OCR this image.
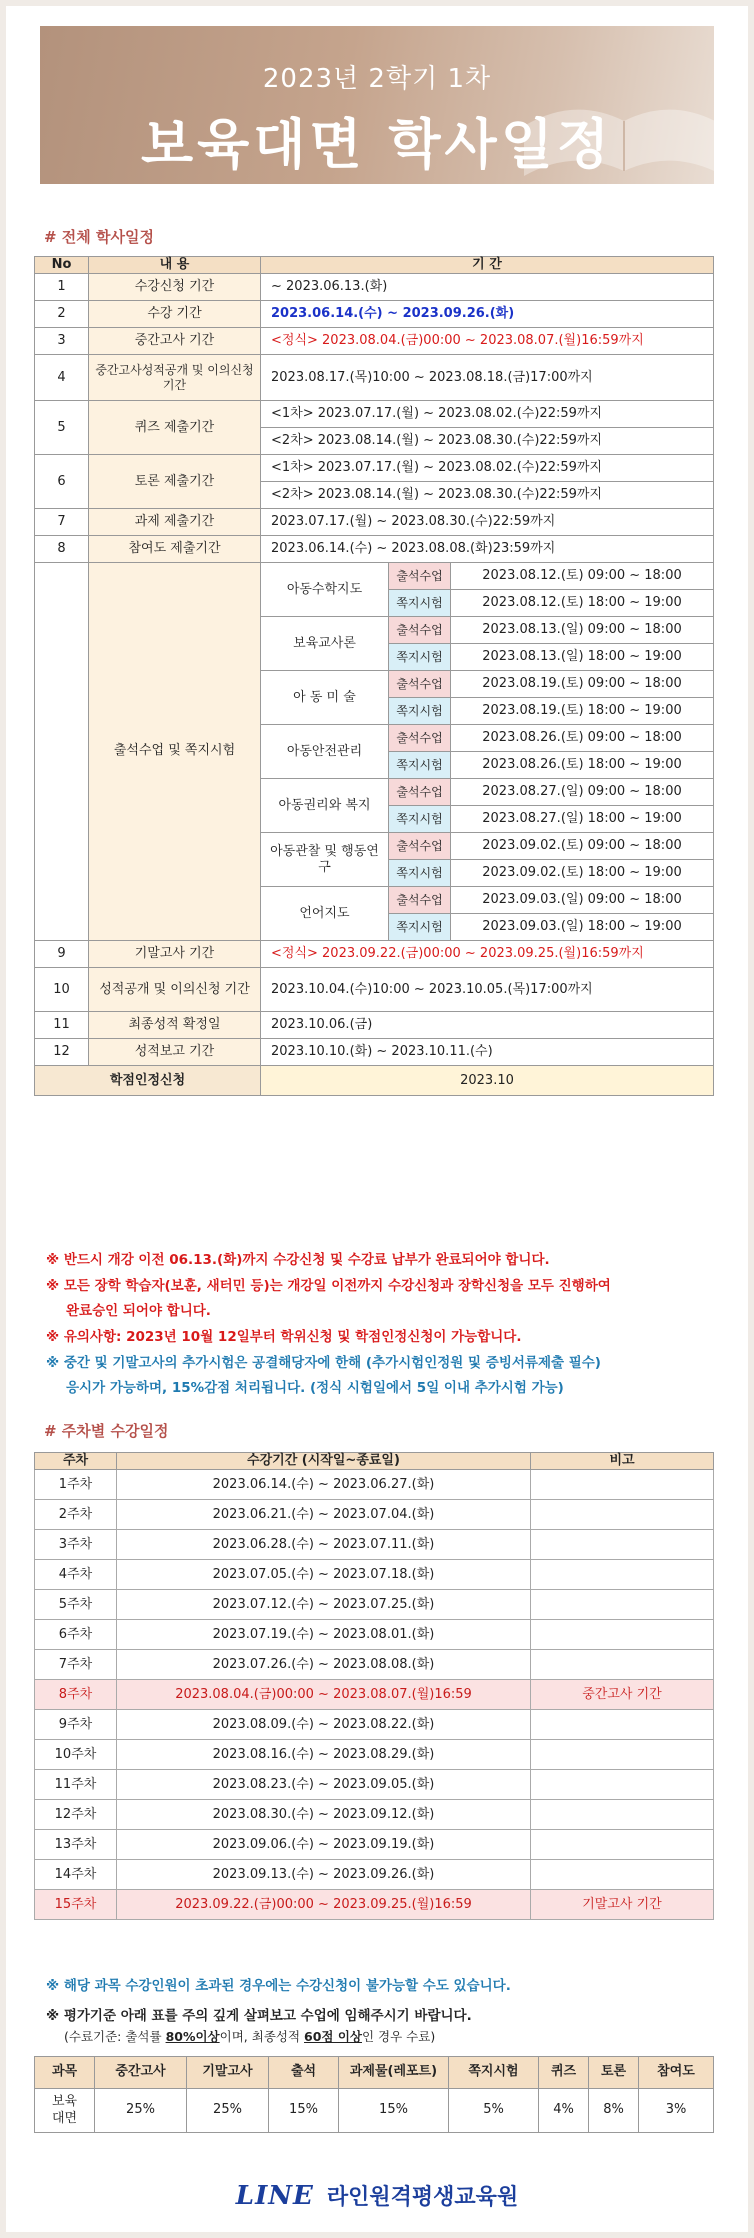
2023년 2학기 1차
보육대면 학사일정
# 전체 학사일정
No	내 용	기 간		
1	수강신청 기간	~ 2023.06.13.(화)		
2	수강 기간	2023.06.14.(수) ~ 2023.09.26.(화)		
3	중간고사 기간	<정식> 2023.08.04.(금)00:00 ~ 2023.08.07.(월)16:59까지		
4	중간고사성적공개 및 이의신청기간	2023.08.17.(목)10:00 ~ 2023.08.18.(금)17:00까지		
5	퀴즈 제출기간	<1차> 2023.07.17.(월) ~ 2023.08.02.(수)22:59까지		
		<2차> 2023.08.14.(월) ~ 2023.08.30.(수)22:59까지		
6	토론 제출기간	<1차> 2023.07.17.(월) ~ 2023.08.02.(수)22:59까지		
		<2차> 2023.08.14.(월) ~ 2023.08.30.(수)22:59까지		
7	과제 제출기간	2023.07.17.(월) ~ 2023.08.30.(수)22:59까지		
8	참여도 제출기간	2023.06.14.(수) ~ 2023.08.08.(화)23:59까지		
	출석수업 및 쪽지시험	아동수학지도	출석수업	2023.08.12.(토) 09:00 ~ 18:00
			쪽지시험	2023.08.12.(토) 18:00 ~ 19:00
		보육교사론	출석수업	2023.08.13.(일) 09:00 ~ 18:00
			쪽지시험	2023.08.13.(일) 18:00 ~ 19:00
		아 동 미 술	출석수업	2023.08.19.(토) 09:00 ~ 18:00
			쪽지시험	2023.08.19.(토) 18:00 ~ 19:00
		아동안전관리	출석수업	2023.08.26.(토) 09:00 ~ 18:00
			쪽지시험	2023.08.26.(토) 18:00 ~ 19:00
		아동권리와 복지	출석수업	2023.08.27.(일) 09:00 ~ 18:00
			쪽지시험	2023.08.27.(일) 18:00 ~ 19:00
		아동관찰 및 행동연구	출석수업	2023.09.02.(토) 09:00 ~ 18:00
			쪽지시험	2023.09.02.(토) 18:00 ~ 19:00
		언어지도	출석수업	2023.09.03.(일) 09:00 ~ 18:00
			쪽지시험	2023.09.03.(일) 18:00 ~ 19:00
9	기말고사 기간	<정식> 2023.09.22.(금)00:00 ~ 2023.09.25.(월)16:59까지		
10	성적공개 및 이의신청 기간	2023.10.04.(수)10:00 ~ 2023.10.05.(목)17:00까지		
11	최종성적 확정일	2023.10.06.(금)		
12	성적보고 기간	2023.10.10.(화) ~ 2023.10.11.(수)		
학점인정신청		2023.10		
※ 반드시 개강 이전 06.13.(화)까지 수강신청 및 수강료 납부가 완료되어야 합니다.
※ 모든 장학 학습자(보훈, 새터민 등)는 개강일 이전까지 수강신청과 장학신청을 모두 진행하여
완료승인 되어야 합니다.
※ 유의사항: 2023년 10월 12일부터 학위신청 및 학점인정신청이 가능합니다.
※ 중간 및 기말고사의 추가시험은 공결해당자에 한해 (추가시험인정원 및 증빙서류제출 필수)
응시가 가능하며, 15%감점 처리됩니다. (정식 시험일에서 5일 이내 추가시험 가능)
# 주차별 수강일정
주차	수강기간 (시작일~종료일)	비고
1주차	2023.06.14.(수) ~ 2023.06.27.(화)	
2주차	2023.06.21.(수) ~ 2023.07.04.(화)	
3주차	2023.06.28.(수) ~ 2023.07.11.(화)	
4주차	2023.07.05.(수) ~ 2023.07.18.(화)	
5주차	2023.07.12.(수) ~ 2023.07.25.(화)	
6주차	2023.07.19.(수) ~ 2023.08.01.(화)	
7주차	2023.07.26.(수) ~ 2023.08.08.(화)	
8주차	2023.08.04.(금)00:00 ~ 2023.08.07.(월)16:59	중간고사 기간
9주차	2023.08.09.(수) ~ 2023.08.22.(화)	
10주차	2023.08.16.(수) ~ 2023.08.29.(화)	
11주차	2023.08.23.(수) ~ 2023.09.05.(화)	
12주차	2023.08.30.(수) ~ 2023.09.12.(화)	
13주차	2023.09.06.(수) ~ 2023.09.19.(화)	
14주차	2023.09.13.(수) ~ 2023.09.26.(화)	
15주차	2023.09.22.(금)00:00 ~ 2023.09.25.(월)16:59	기말고사 기간
※ 해당 과목 수강인원이 초과된 경우에는 수강신청이 불가능할 수도 있습니다.
※ 평가기준 아래 표를 주의 깊게 살펴보고 수업에 임해주시기 바랍니다.
(수료기준: 출석률 80%이상이며, 최종성적 60점 이상인 경우 수료)
과목	중간고사	기말고사	출석	과제물(레포트)	쪽지시험	퀴즈	토론	참여도
보육 대면	25%	25%	15%	15%	5%	4%	8%	3%
LINE 라인원격평생교육원
